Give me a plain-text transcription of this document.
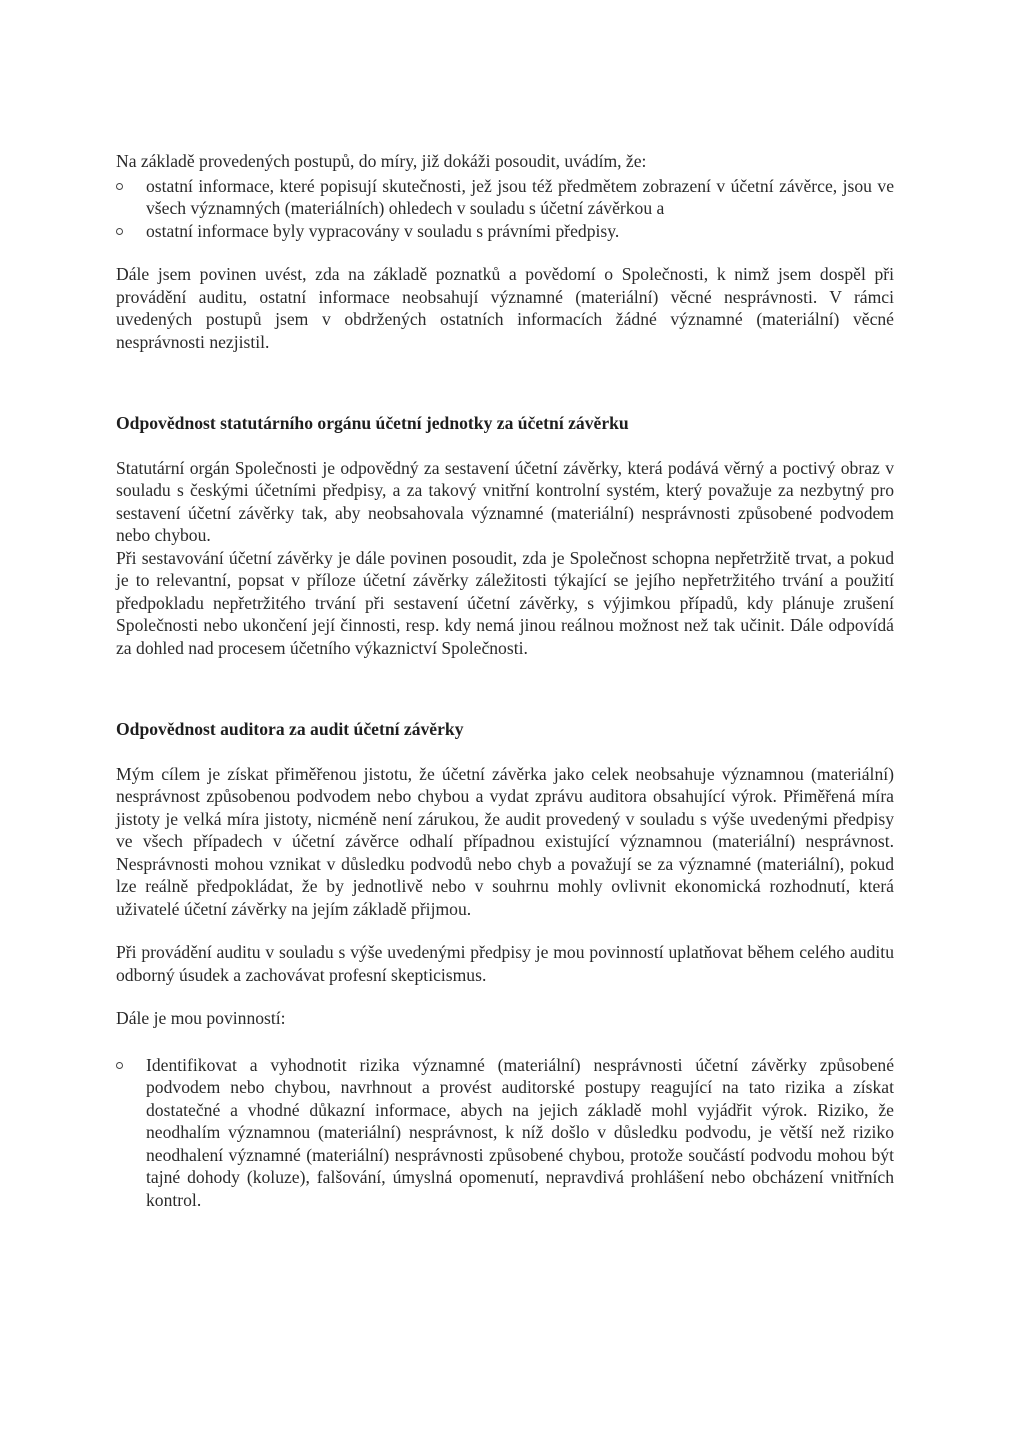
Na základě provedených postupů, do míry, již dokáži posoudit, uvádím, že:

ostatní informace, které popisují skutečnosti, jež jsou též předmětem zobrazení v účetní závěrce, jsou ve všech významných (materiálních) ohledech v souladu s účetní závěrkou a
ostatní informace byly vypracovány v souladu s právními předpisy.

Dále jsem povinen uvést, zda na základě poznatků a povědomí o Společnosti, k nimž jsem dospěl při provádění auditu, ostatní informace neobsahují významné (materiální) věcné nesprávnosti. V rámci uvedených postupů jsem v obdržených ostatních informacích žádné významné (materiální) věcné nesprávnosti nezjistil.

Odpovědnost statutárního orgánu účetní jednotky za účetní závěrku

Statutární orgán Společnosti je odpovědný za sestavení účetní závěrky, která podává věrný a poctivý obraz v souladu s českými účetními předpisy, a za takový vnitřní kontrolní systém, který považuje za nezbytný pro sestavení účetní závěrky tak, aby neobsahovala významné (materiální) nesprávnosti způsobené podvodem nebo chybou.

Při sestavování účetní závěrky je dále povinen posoudit, zda je Společnost schopna nepřetržitě trvat, a pokud je to relevantní, popsat v příloze účetní závěrky záležitosti týkající se jejího nepřetržitého trvání a použití předpokladu nepřetržitého trvání při sestavení účetní závěrky, s výjimkou případů, kdy plánuje zrušení Společnosti nebo ukončení její činnosti, resp. kdy nemá jinou reálnou možnost než tak učinit. Dále odpovídá za dohled nad procesem účetního výkaznictví Společnosti.

Odpovědnost auditora za audit účetní závěrky

Mým cílem je získat přiměřenou jistotu, že účetní závěrka jako celek neobsahuje významnou (materiální) nesprávnost způsobenou podvodem nebo chybou a vydat zprávu auditora obsahující výrok. Přiměřená míra jistoty je velká míra jistoty, nicméně není zárukou, že audit provedený v souladu s výše uvedenými předpisy ve všech případech v účetní závěrce odhalí případnou existující významnou (materiální) nesprávnost. Nesprávnosti mohou vznikat v důsledku podvodů nebo chyb a považují se za významné (materiální), pokud lze reálně předpokládat, že by jednotlivě nebo v souhrnu mohly ovlivnit ekonomická rozhodnutí, která uživatelé účetní závěrky na jejím základě přijmou.

Při provádění auditu v souladu s výše uvedenými předpisy je mou povinností uplatňovat během celého auditu odborný úsudek a zachovávat profesní skepticismus.

Dále je mou povinností:

Identifikovat a vyhodnotit rizika významné (materiální) nesprávnosti účetní závěrky způsobené podvodem nebo chybou, navrhnout a provést auditorské postupy reagující na tato rizika a získat dostatečné a vhodné důkazní informace, abych na jejich základě mohl vyjádřit výrok. Riziko, že neodhalím významnou (materiální) nesprávnost, k níž došlo v důsledku podvodu, je větší než riziko neodhalení významné (materiální) nesprávnosti způsobené chybou, protože součástí podvodu mohou být tajné dohody (koluze), falšování, úmyslná opomenutí, nepravdivá prohlášení nebo obcházení vnitřních kontrol.
